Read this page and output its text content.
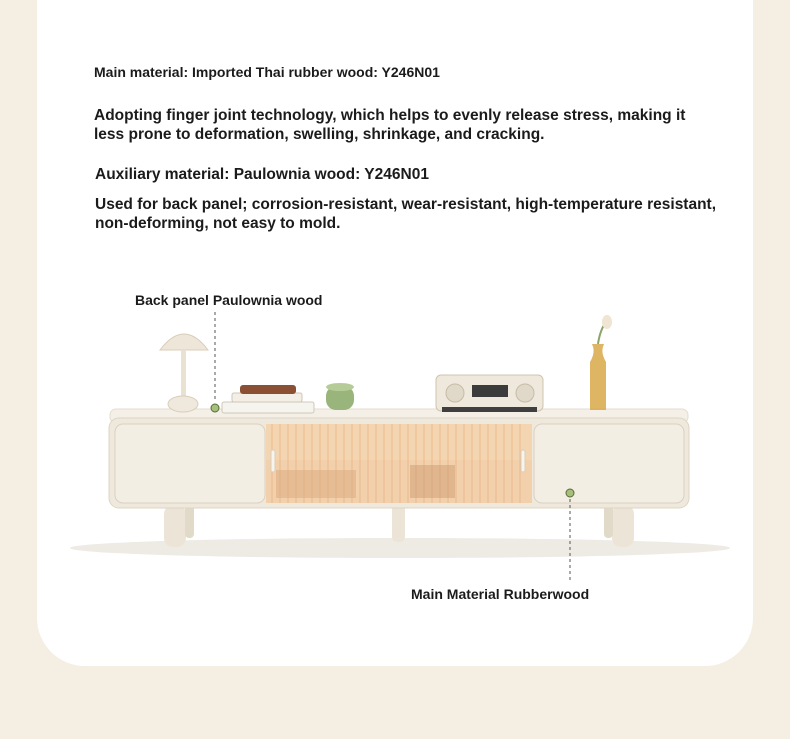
Main material: Imported Thai rubber wood: Y246N01
Adopting finger joint technology, which helps to evenly release stress, making it less prone to deformation, swelling, shrinkage, and cracking.
Auxiliary material: Paulownia wood: Y246N01
Used for back panel; corrosion-resistant, wear-resistant, high-temperature resistant, non-deforming, not easy to mold.
Back panel Paulownia wood
Main Material Rubberwood
